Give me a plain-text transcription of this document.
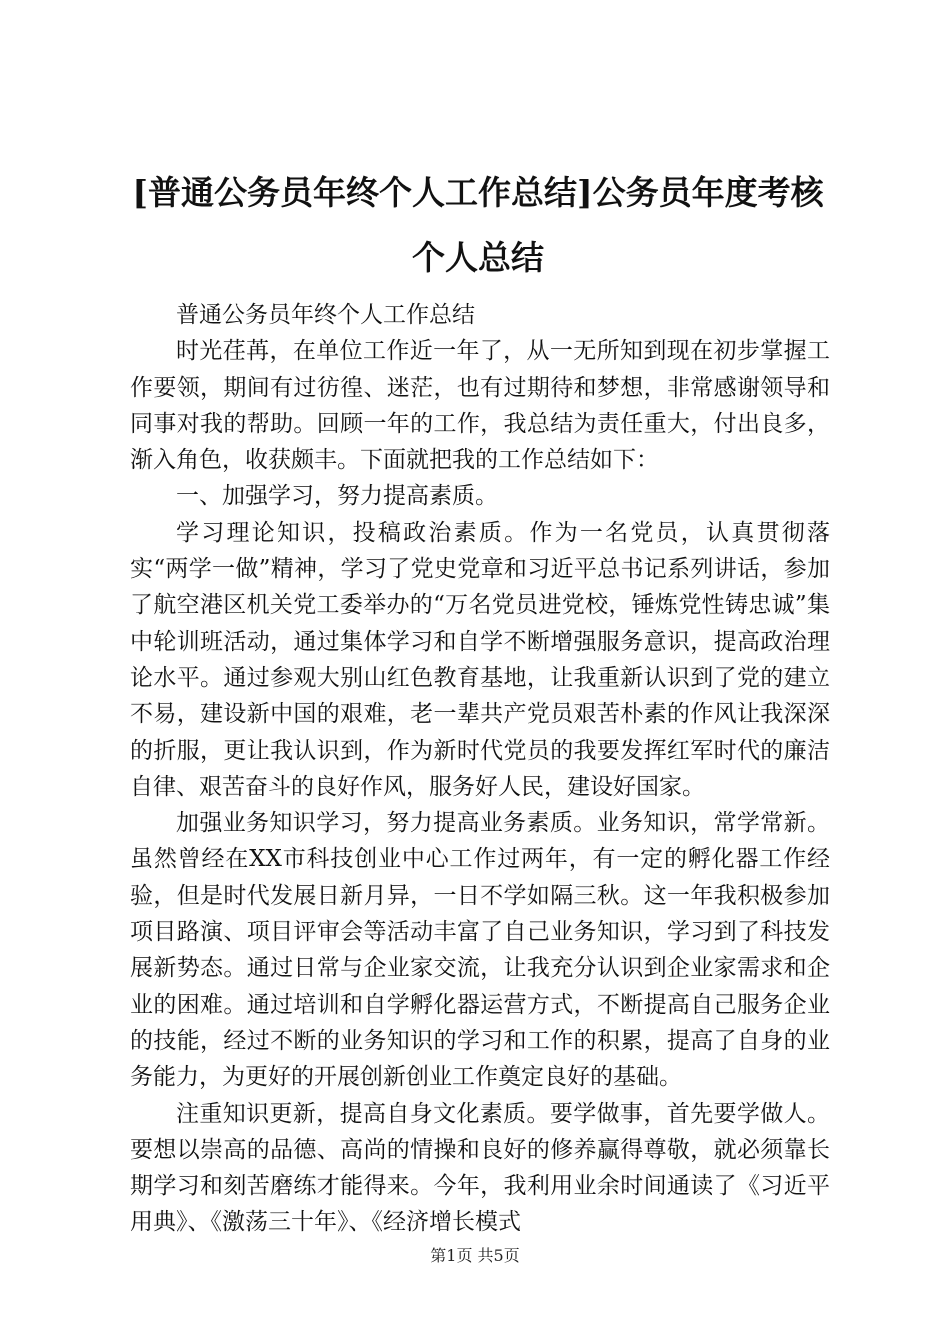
[普通公务员年终个人工作总结]公务员年度考核个人总结

普通公务员年终个人工作总结

时光荏苒，在单位工作近一年了，从一无所知到现在初步掌握工作要领，期间有过彷徨、迷茫，也有过期待和梦想，非常感谢领导和同事对我的帮助。回顾一年的工作，我总结为责任重大，付出良多，渐入角色，收获颇丰。下面就把我的工作总结如下：

一、加强学习，努力提高素质。

学习理论知识，投稿政治素质。作为一名党员，认真贯彻落实“两学一做”精神，学习了党史党章和习近平总书记系列讲话，参加了航空港区机关党工委举办的“万名党员进党校，锤炼党性铸忠诚”集中轮训班活动，通过集体学习和自学不断增强服务意识，提高政治理论水平。通过参观大别山红色教育基地，让我重新认识到了党的建立不易，建设新中国的艰难，老一辈共产党员艰苦朴素的作风让我深深的折服，更让我认识到，作为新时代党员的我要发挥红军时代的廉洁自律、艰苦奋斗的良好作风，服务好人民，建设好国家。

加强业务知识学习，努力提高业务素质。业务知识，常学常新。虽然曾经在XX市科技创业中心工作过两年，有一定的孵化器工作经验，但是时代发展日新月异，一日不学如隔三秋。这一年我积极参加项目路演、项目评审会等活动丰富了自己业务知识，学习到了科技发展新势态。通过日常与企业家交流，让我充分认识到企业家需求和企业的困难。通过培训和自学孵化器运营方式，不断提高自己服务企业的技能，经过不断的业务知识的学习和工作的积累，提高了自身的业务能力，为更好的开展创新创业工作奠定良好的基础。

注重知识更新，提高自身文化素质。要学做事，首先要学做人。要想以崇高的品德、高尚的情操和良好的修养赢得尊敬，就必须靠长期学习和刻苦磨练才能得来。今年，我利用业余时间通读了《习近平用典》、《激荡三十年》、《经济增长模式

第1页 共5页
